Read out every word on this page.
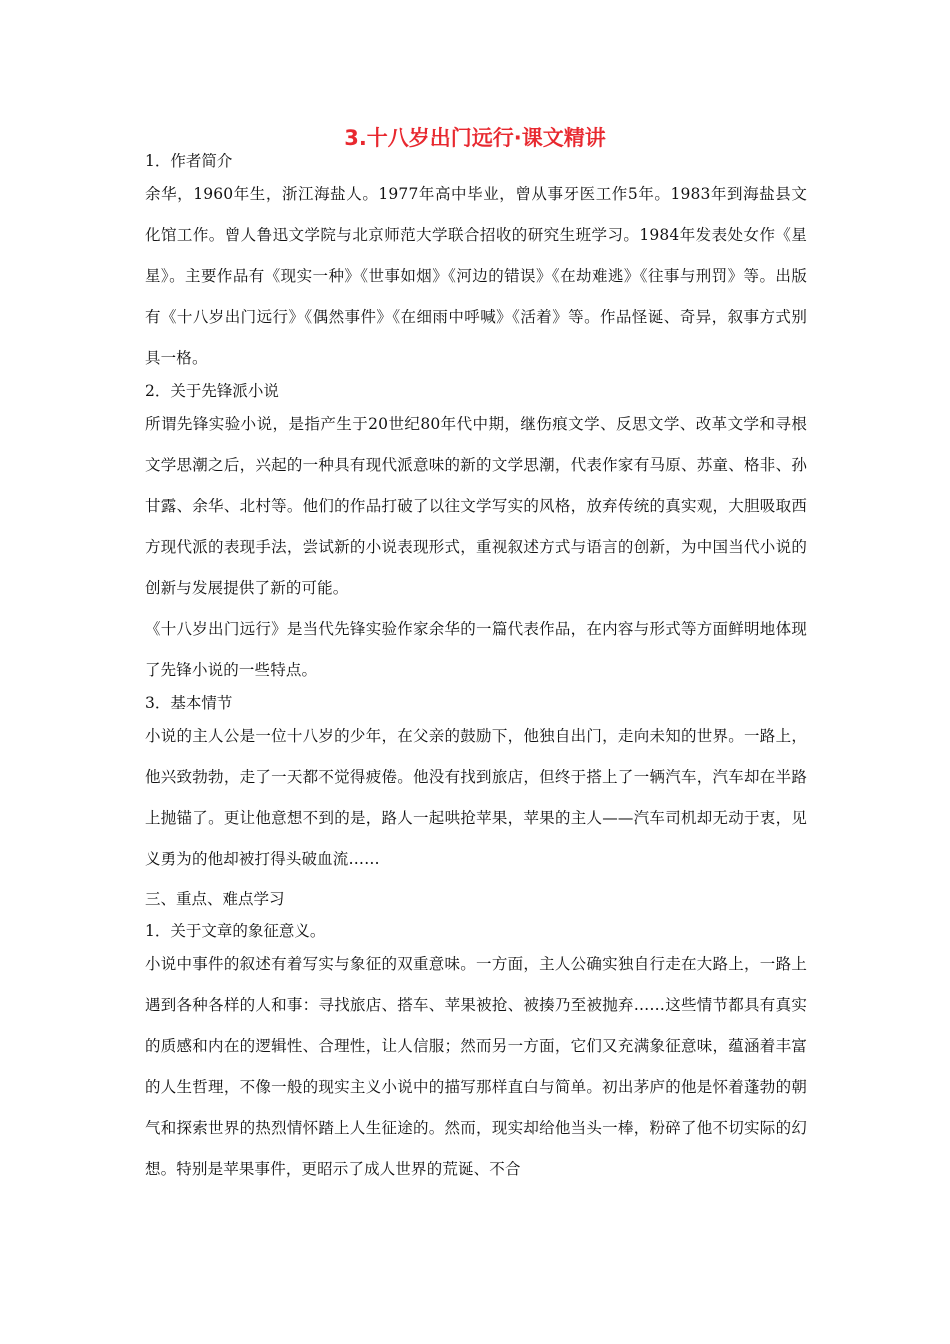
3.十八岁出门远行·课文精讲
1．作者简介

余华，1960年生，浙江海盐人。1977年高中毕业，曾从事牙医工作5年。1983年到海盐县文化馆工作。曾人鲁迅文学院与北京师范大学联合招收的研究生班学习。1984年发表处女作《星星》。主要作品有《现实一种》《世事如烟》《河边的错误》《在劫难逃》《往事与刑罚》等。出版有《十八岁出门远行》《偶然事件》《在细雨中呼喊》《活着》等。作品怪诞、奇异，叙事方式别具一格。

2．关于先锋派小说

所谓先锋实验小说，是指产生于20世纪80年代中期，继伤痕文学、反思文学、改革文学和寻根文学思潮之后，兴起的一种具有现代派意味的新的文学思潮，代表作家有马原、苏童、格非、孙甘露、余华、北村等。他们的作品打破了以往文学写实的风格，放弃传统的真实观，大胆吸取西方现代派的表现手法，尝试新的小说表现形式，重视叙述方式与语言的创新，为中国当代小说的创新与发展提供了新的可能。

《十八岁出门远行》是当代先锋实验作家余华的一篇代表作品，在内容与形式等方面鲜明地体现了先锋小说的一些特点。

3．基本情节

小说的主人公是一位十八岁的少年，在父亲的鼓励下，他独自出门，走向未知的世界。一路上，他兴致勃勃，走了一天都不觉得疲倦。他没有找到旅店，但终于搭上了一辆汽车，汽车却在半路上抛锚了。更让他意想不到的是，路人一起哄抢苹果，苹果的主人——汽车司机却无动于衷，见义勇为的他却被打得头破血流……

三、重点、难点学习
1．关于文章的象征意义。

小说中事件的叙述有着写实与象征的双重意味。一方面，主人公确实独自行走在大路上，一路上遇到各种各样的人和事：寻找旅店、搭车、苹果被抢、被揍乃至被抛弃……这些情节都具有真实的质感和内在的逻辑性、合理性，让人信服；然而另一方面，它们又充满象征意味，蕴涵着丰富的人生哲理，不像一般的现实主义小说中的描写那样直白与简单。初出茅庐的他是怀着蓬勃的朝气和探索世界的热烈情怀踏上人生征途的。然而，现实却给他当头一棒，粉碎了他不切实际的幻想。特别是苹果事件，更昭示了成人世界的荒诞、不合
